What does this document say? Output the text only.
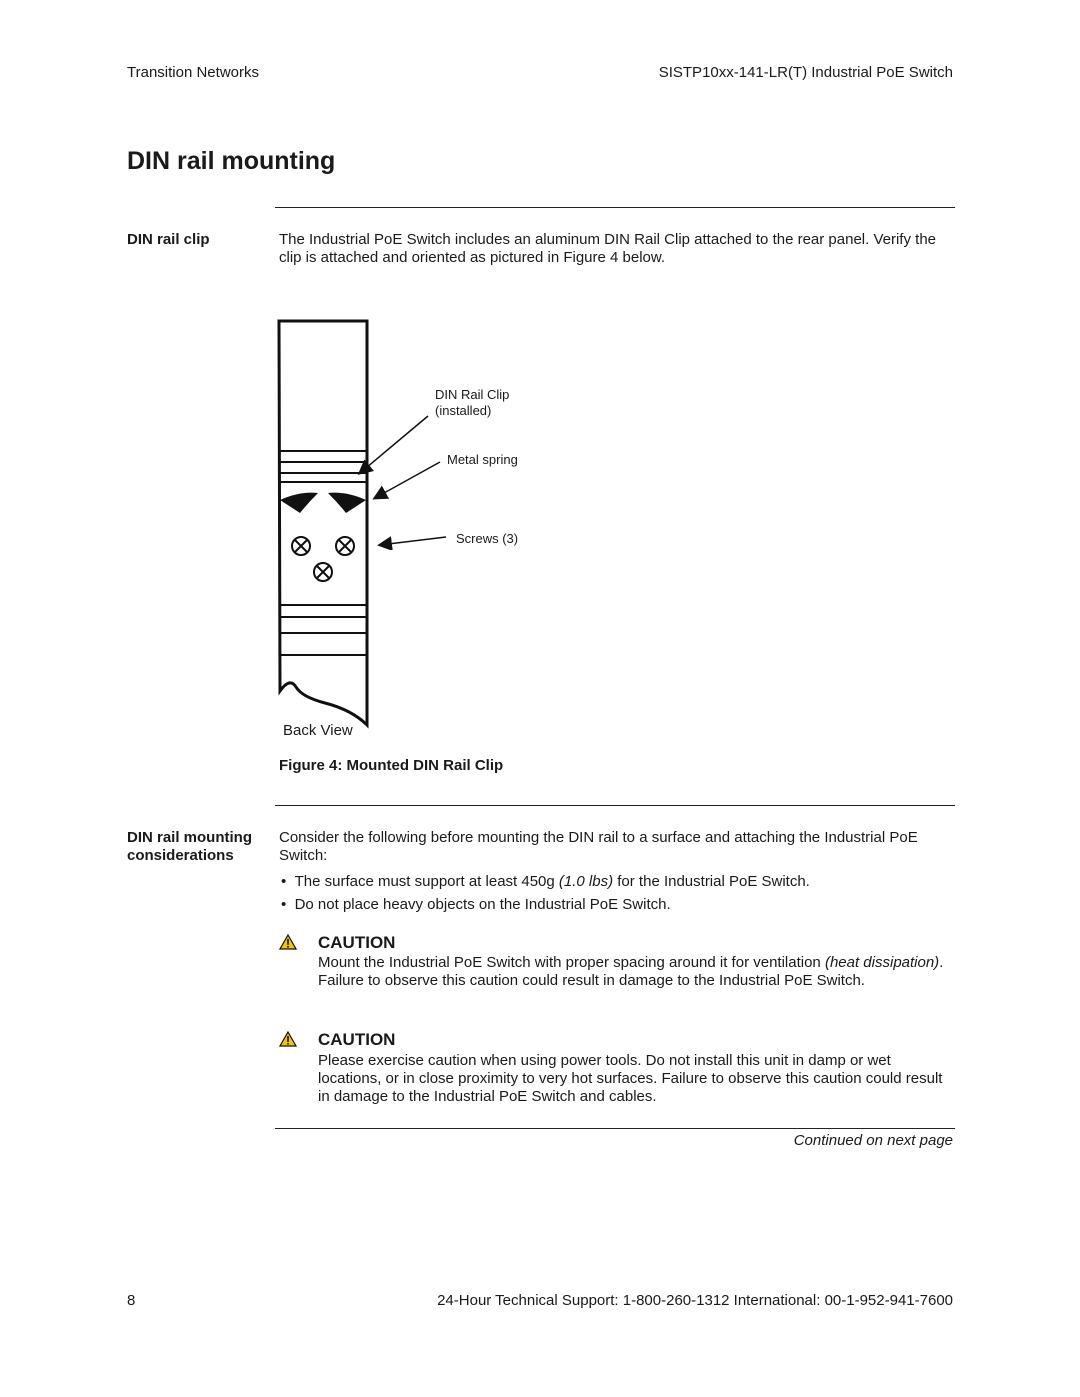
Transition Networks	SISTP10xx-141-LR(T) Industrial PoE Switch
DIN rail mounting
DIN rail clip	The Industrial PoE Switch includes an aluminum DIN Rail Clip attached to the rear panel. Verify the clip is attached and oriented as pictured in Figure 4 below.
DIN Rail Clip
(installed)
Metal spring
Screws (3)
Back View
Figure 4: Mounted DIN Rail Clip
DIN rail mounting
considerations
Consider the following before mounting the DIN rail to a surface and attaching the Industrial PoE Switch:
•  The surface must support at least 450g (1.0 lbs) for the Industrial PoE Switch.
•  Do not place heavy objects on the Industrial PoE Switch.
CAUTION
Mount the Industrial PoE Switch with proper spacing around it for ventilation (heat dissipation). Failure to observe this caution could result in damage to the Industrial PoE Switch.
CAUTION
Please exercise caution when using power tools. Do not install this unit in damp or wet locations, or in close proximity to very hot surfaces. Failure to observe this caution could result in damage to the Industrial PoE Switch and cables.
Continued on next page
8	24-Hour Technical Support: 1-800-260-1312 International: 00-1-952-941-7600
